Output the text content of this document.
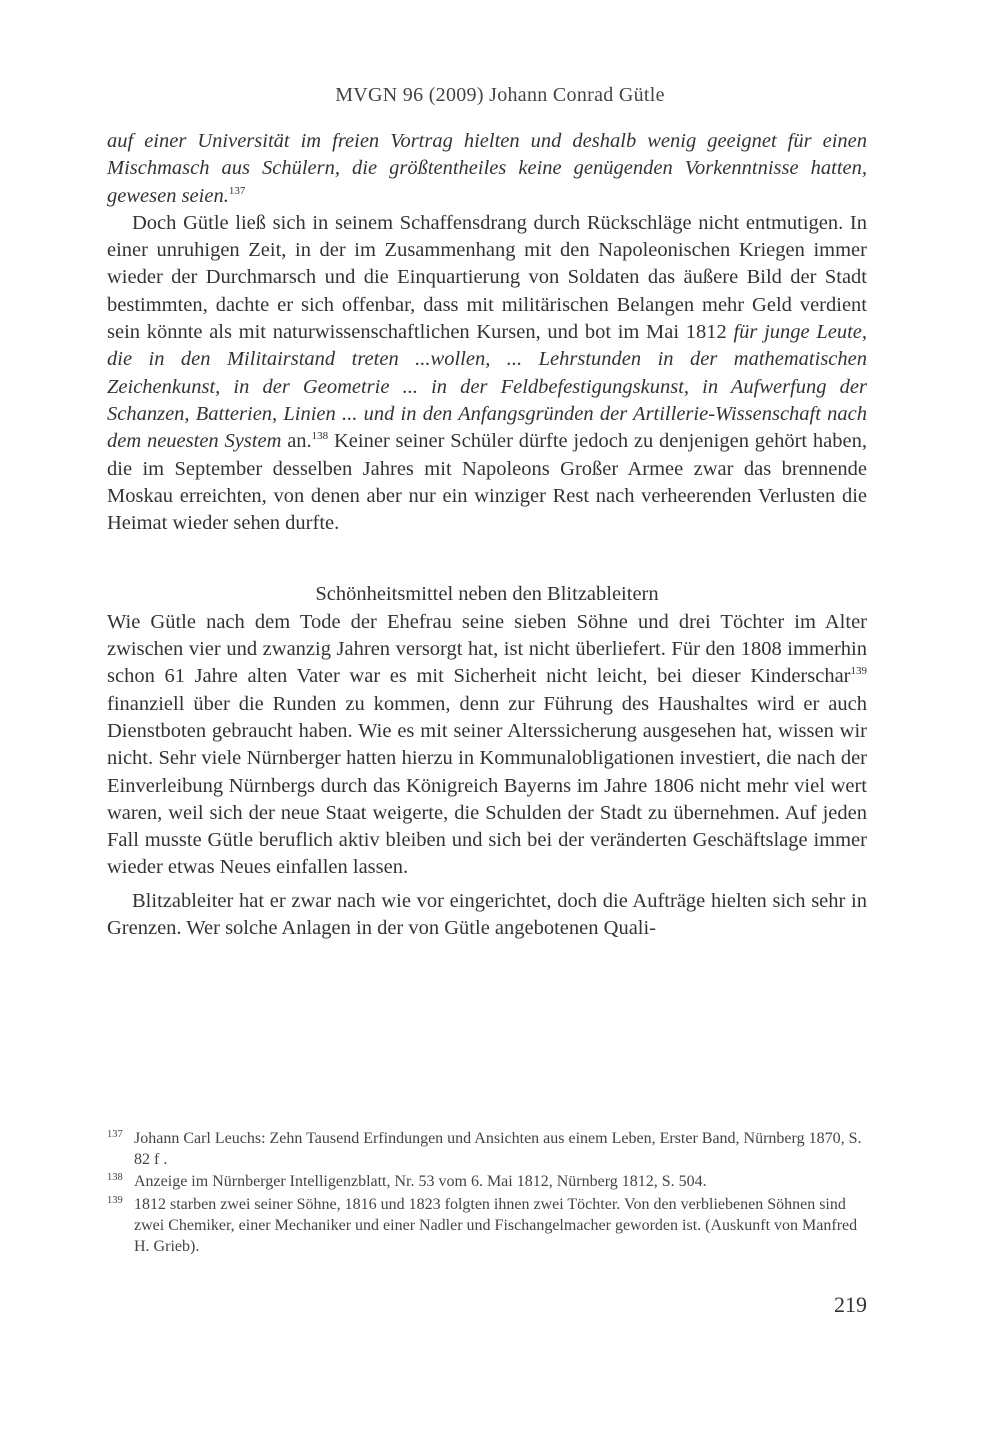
MVGN 96 (2009) Johann Conrad Gütle

auf einer Universität im freien Vortrag hielten und deshalb wenig geeignet für einen Mischmasch aus Schülern, die größtentheiles keine genügenden Vorkenntnisse hatten, gewesen seien.$^{137}$

Doch Gütle ließ sich in seinem Schaffensdrang durch Rückschläge nicht entmutigen. In einer unruhigen Zeit, in der im Zusammenhang mit den Napoleonischen Kriegen immer wieder der Durchmarsch und die Einquartierung von Soldaten das äußere Bild der Stadt bestimmten, dachte er sich offenbar, dass mit militärischen Belangen mehr Geld verdient sein könnte als mit naturwissenschaftlichen Kursen, und bot im Mai 1812 für junge Leute, die in den Militairstand treten ...wollen, ... Lehrstunden in der mathematischen Zeichenkunst, in der Geometrie ... in der Feldbefestigungskunst, in Aufwerfung der Schanzen, Batterien, Linien ... und in den Anfangsgründen der Artillerie-Wissenschaft nach dem neuesten System an.$^{138}$ Keiner seiner Schüler dürfte jedoch zu denjenigen gehört haben, die im September desselben Jahres mit Napoleons Großer Armee zwar das brennende Moskau erreichten, von denen aber nur ein winziger Rest nach verheerenden Verlusten die Heimat wieder sehen durfte.

Schönheitsmittel neben den Blitzableitern

Wie Gütle nach dem Tode der Ehefrau seine sieben Söhne und drei Töchter im Alter zwischen vier und zwanzig Jahren versorgt hat, ist nicht überliefert. Für den 1808 immerhin schon 61 Jahre alten Vater war es mit Sicherheit nicht leicht, bei dieser Kinderschar$^{139}$ finanziell über die Runden zu kommen, denn zur Führung des Haushaltes wird er auch Dienstboten gebraucht haben. Wie es mit seiner Alterssicherung ausgesehen hat, wissen wir nicht. Sehr viele Nürnberger hatten hierzu in Kommunalobligationen investiert, die nach der Einverleibung Nürnbergs durch das Königreich Bayerns im Jahre 1806 nicht mehr viel wert waren, weil sich der neue Staat weigerte, die Schulden der Stadt zu übernehmen. Auf jeden Fall musste Gütle beruflich aktiv bleiben und sich bei der veränderten Geschäftslage immer wieder etwas Neues einfallen lassen.

Blitzableiter hat er zwar nach wie vor eingerichtet, doch die Aufträge hielten sich sehr in Grenzen. Wer solche Anlagen in der von Gütle angebotenen Quali-

137 Johann Carl Leuchs: Zehn Tausend Erfindungen und Ansichten aus einem Leben, Erster Band, Nürnberg 1870, S. 82 f .
138 Anzeige im Nürnberger Intelligenzblatt, Nr. 53 vom 6. Mai 1812, Nürnberg 1812, S. 504.
139 1812 starben zwei seiner Söhne, 1816 und 1823 folgten ihnen zwei Töchter. Von den verbliebenen Söhnen sind zwei Chemiker, einer Mechaniker und einer Nadler und Fischangelmacher geworden ist. (Auskunft von Manfred H. Grieb).
219
